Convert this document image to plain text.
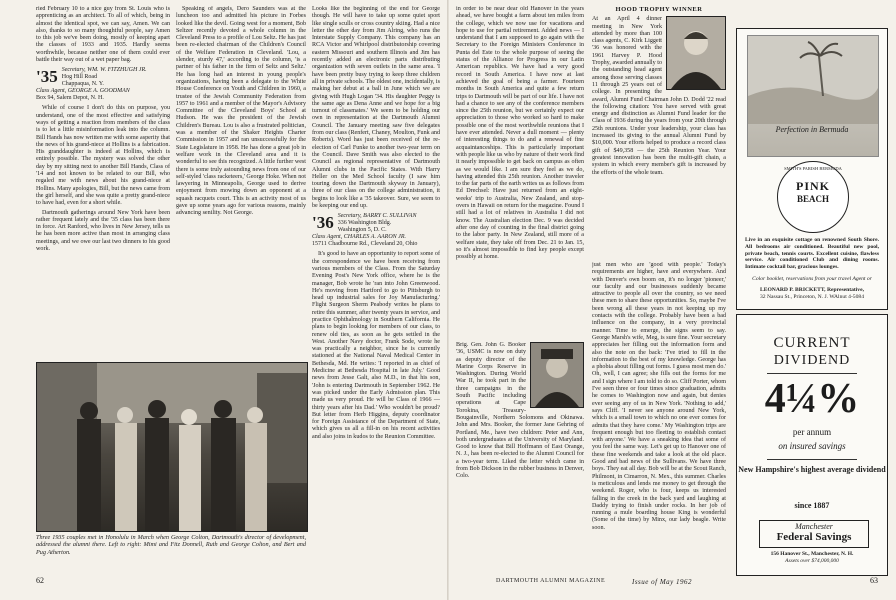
ried February 10 to a nice guy from St. Louis who is apprenticing as an architect. To all of which, being in almost the identical spot, we can say, Amen. We can also, thanks to so many thoughtful people, say Amen to this job we've been doing, mostly of keeping apart the classes of 1933 and 1935. Hardly seems worthwhile, because neither one of them could ever battle their way out of a wet paper bag.

'35 Secretary, WM. W. FITZHUGH JR.
Hog Hill Road
Chappaqua, N. Y.
Class Agent, GEORGE A. GOODMAN
Box 94, Salem Depot, N. H.

While of course I don't do this on purpose, you understand, one of the most effective and satisfying ways of getting a reaction from members of the class is to let a little misinformation leak into the column. Bill Hands has now written me with some asperity that the news of his grand-niece at Hollins is a fabrication. His granddaughter is indeed at Hollins, which is entirely possible. The mystery was solved the other day by my sitting next to another Bill Hands, Class of '14 and not known to be related to our Bill, who regaled me with news about his grand-niece at Hollins. Many apologies, Bill, but the news came from the girl herself, and she was quite a pretty grand-niece to have had, even for a short while.

Dartmouth gatherings around New York have been rather frequent lately and the '35 class has been there in force. Art Ranford, who lives in New Jersey, tells us he has been more active than most in arranging class meetings, and we owe our last two dinners to his good work.

Speaking of angels, Dero Saunders was at the luncheon too and admitted his picture in Forbes looked like the devil. Going west for a moment, Bob Seltzer recently devoted a whole column in the Cleveland Press to a profile of Lou Seltz. He has just been re-elected chairman of the Children's Council of the Welfare Federation in Cleveland. 'Lou, a slender, sturdy 47,' according to the column, 'is a partner of his father in the firm of Seltz and Seltz.' He has long had an interest in young people's organizations, having been a delegate to the White House Conference on Youth and Children in 1960, a trustee of the Jewish Community Federation from 1957 to 1961 and a member of the Mayor's Advisory Committee of the Cleveland Boys' School at Hudson. He was the president of the Jewish Children's Bureau. Lou is also a frustrated politician, was a member of the Shaker Heights Charter Commission in 1957 and ran unsuccessfully for the State Legislature in 1958. He has done a great job in welfare work in the Cleveland area and it is wonderful to see this recognized. A little further west there is some truly astounding news from one of our self-styled 'class racketeers,' George Hoke. When not lawyering in Minneapolis, George used to derive enjoyment from mowing down an opponent at a squash racquets court. This is an activity most of us gave up some years ago for various reasons, mainly advancing senility. Not George.

Looks like the beginning of the end for George though. He will have to take up some quiet sport like single sculls or cross country skiing. Had a nice letter the other day from Jim Alring, who runs the Interstate Supply Company. This company has an RCA Victor and Whirlpool distributorship covering eastern Missouri and southern Illinois and Jim has recently added an electronic parts distributing organization with seven outlets in the same area. 'I have been pretty busy trying to keep three children all in private schools. The oldest one, incidentally, is making her debut at a ball in June which we are giving with Hugh Logan '34. His daughter Peggy is the same age as Dena Anne and we hope for a big turnout of classmates.' We seem to be holding our own in representation at the Dartmouth Alumni Council. The January meeting saw five delegates from our class (Renfert, Chaney, Moulton, Funk and Roberts). Word has just been received of the re-election of Carl Funke to another two-year term on the Council. Dave Smith was also elected to the Council as regional representative of Dartmouth Alumni clubs in the Pacific States. With Harry Heller on the Med School faculty (I saw him touring down the Dartmouth skyway in January), three of our class on the college administration, it begins to look like a '35 takeover. Sure, we seem to be keeping our end up.

'36 Secretary, BARRY C. SULLIVAN
336 Washington Bldg.
Washington 5, D. C.
Class Agent, CHARLES A. AARON JR.
15711 Chadbourne Rd., Cleveland 20, Ohio

It's good to have an opportunity to report some of the correspondence we have been receiving from various members of the Class. From the Saturday Evening Post's New York office, where he is the manager, Bob wrote he 'ran into John Greenwood. He's moving from Hartford to go to Pittsburgh to head up industrial sales for Joy Manufacturing.' Flight Surgeon Sherm Peabody writes he plans to retire this summer, after twenty years in service, and practice Ophthalmology in Southern California. He plans to begin looking for members of our class, to renew old ties, as soon as he gets settled in the West. Another Navy doctor, Frank Sode, wrote he was practically a neighbor, since he is currently stationed at the National Naval Medical Center in Bethesda, Md. He writes: 'I reported in as chief of Medicine at Bethesda Hospital in late July.' Good news from Jesse Galt, also M.D., in that his son, 'John is entering Dartmouth in September 1962. He was picked under the Early Admission plan. This made us very proud. He will be Class of 1966 — thirty years after his Dad.' Who wouldn't be proud? But letter from Herb Higgins, deputy coordinator for Foreign Assistance of the Department of State, which gives us all a fill-in on his recent activities and also joins in kudos to the Reunion Committee.

Three 1935 couples met in Honolulu in March when George Colton, Dartmouth's director of development, addressed the alumni there. Left to right: Mimi and Fitz Donnell, Ruth and George Colton, and Bert and Pug Atherton.
62

in order to be near dear old Hanover in the years ahead, we have bought a farm about ten miles from the college, which we now use for vacations and hope to use for partial retirement. Added news — I understand that I am supposed to go again with the Secretary to the Foreign Ministers Conference in Punta del Este to the whole purpose of seeing the status of the Alliance for Progress in our Latin American republics. We have had a very good record in South America. I have now at last achieved the goal of being a farmer. Fourteen months in South America and quite a few return trips to Dartmouth will be part of our life. I have not had a chance to see any of the conference members since the 25th reunion, but we certainly expect our appreciation to those who worked so hard to make possible one of the most worthwhile reunions that I have ever attended. Never a dull moment — plenty of interesting things to do and a renewal of fine acquaintanceships. This is particularly important with people like us who by nature of their work find it nearly impossible to get back on campus as often as we would like. I am sure they feel as we do, having attended this 25th reunion. Another traveler to the far parts of the earth writes us as follows from Ed Drechsel: Have just returned from an eight-weeks' trip to Australia, New Zealand, and stop-overs in Hawaii on return for the magazine. Found I still had a lot of relatives in Australia I did not know. The Australian election Dec. 9 was decided after one day of counting in the final district going to the labor party. In New Zealand, still more of a welfare state, they take off from Dec. 21 to Jan. 15, so it's almost impossible to find key people except possibly at home.

Brig. Gen. John G. Booker '36, USMC is now on duty as deputy director of the Marine Corps Reserve in Washington. During World War II, he took part in the three campaigns in the South Pacific including operations at Cape Torokina, Treasury-Bougainville, Northern Solomons and Okinawa. John and Mrs. Booker, the former Jane Gehring of Portland, Me., have two children: Peter and Ann, both undergraduates at the University of Maryland. Good to know that Bill Hoffmann of East Orange, N. J., has been re-elected to the Alumni Council for a two-year term. Liked the letter which came in from Bob Dickson in the rubber business in Denver, Colo.

HOOD TROPHY WINNER

At an April 4 dinner meeting in New York attended by more than 100 class agents, C. Kirk Liggett '36 was honored with the 1961 Harvey P. Hood Trophy, awarded annually to the outstanding head agent among those serving classes 11 through 25 years out of college. In presenting the award, Alumni Fund Chairman John D. Dodd '22 read the following citation: You have served with great energy and distinction as Alumni Fund leader for the Class of 1936 during the years from your 20th through 25th reunions. Under your leadership, your class has increased its giving to the annual Alumni Fund by $10,000. Your efforts helped to produce a record class gift of $49,358 — the 25th Reunion Year. Your greatest innovation has been the multi-gift chain, a system in which every member's gift is increased by the efforts of the whole team.

just men who are 'good with people.' Today's requirements are higher, have and everywhere. And with Denver's own boom on, it's no longer 'pioneer,' our faculty and our businesses suddenly became attractive to people all over the country, so we need these men to share these opportunities. So, maybe I've been wrong all these years in not keeping up my contacts with the college. Probably have been a bad influence on the company, in a very provincial manner. Time to emerge, the signs seem to say. George Marsh's wife, Meg, is sure fine. Your secretary appreciates her filling out the information form and also the note on the back: 'I've tried to fill in the information to the best of my knowledge. George has a phobia about filling out forms. I guess most men do.' Oh, well, I can agree; she fills out the forms for me and I sign where I am told to do so. Cliff Porter, whom I've seen three or four times since graduation, admits he comes to Washington now and again, but denies ever seeing any of us in New York. 'Nothing to add,' says Cliff. 'I never see anyone around New York, which is a small town to which no one ever comes for admits that they have come.' My Washington trips are frequent enough but too fleeting to establish contact with anyone.' We have a sneaking idea that some of you feel the same way. Let's get up to Hanover one of these fine weekends and take a look at the old place. Good and bad news of the Sullivans. We have three boys. They eat all day. Bob will be at the Scout Ranch, Philmont, in Cimarron, N. Mex., this summer. Charles is meticulous and lends me money to get through the weekend. Roger, who is four, keeps us interested falling in the creek in the back yard and laughing at Daddy trying to finish under rocks. In her job of running a mule boarding house King is wonderful (Some of the time) by Minx, our lady beagle. Write soon.

DARTMOUTH ALUMNI MAGAZINE	Issue of May 1962	63
Perfection in Bermuda
SMITH'S PARISH BERMUDA
PINK
BEACH
Live in an exquisite cottage on renowned South Shore. All bedrooms air conditioned. Beautiful new pool, private beach, tennis courts. Excellent cuisine, flawless service. Air conditioned Club and dining rooms. Intimate cocktail bar, gracious lounges.
Color booklet, reservations from your travel Agent or
LEONARD P. BRICKETT, Representative,
32 Nassau St., Princeton, N. J. WAlnut 4-5084
CURRENT
DIVIDEND
4¼%
per annum
on insured savings
New Hampshire's highest average dividend
since 1887
Manchester
Federal Savings
156 Hanover St., Manchester, N. H.
Assets over $74,000,000
